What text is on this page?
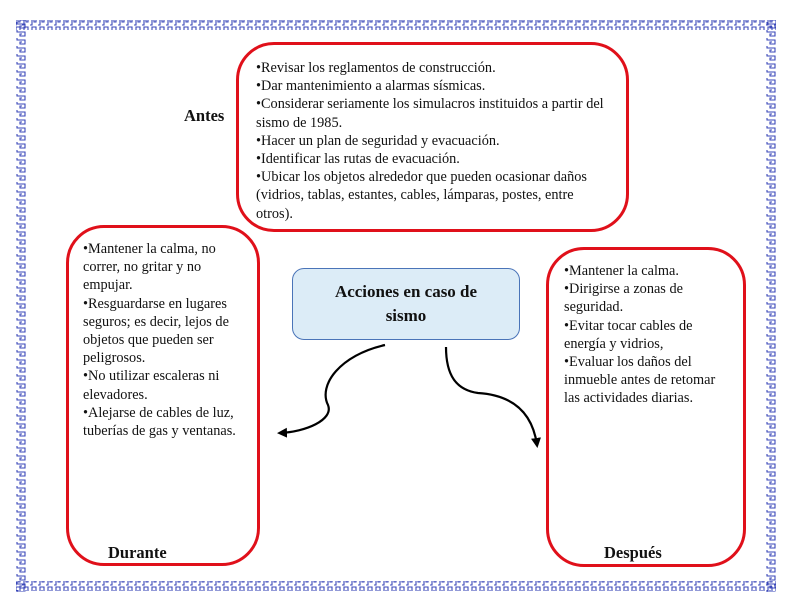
Acciones en caso de sismo
Antes
•Revisar los reglamentos de construcción.
•Dar mantenimiento a alarmas sísmicas.
•Considerar seriamente los simulacros instituidos a partir del sismo de 1985.
•Hacer un plan de seguridad y evacuación.
•Identificar las rutas de evacuación.
•Ubicar los objetos alrededor que pueden ocasionar daños (vidrios, tablas, estantes, cables, lámparas, postes, entre otros).
•Mantener la calma, no correr, no gritar y no empujar.
•Resguardarse en lugares seguros; es decir, lejos de objetos que pueden ser peligrosos.
•No utilizar escaleras ni elevadores.
•Alejarse de cables de luz, tuberías de gas y ventanas.
Durante
•Mantener la calma.
•Dirigirse a zonas de seguridad.
•Evitar tocar cables de energía y vidrios,
•Evaluar los daños del inmueble antes de retomar las actividades diarias.
Después
